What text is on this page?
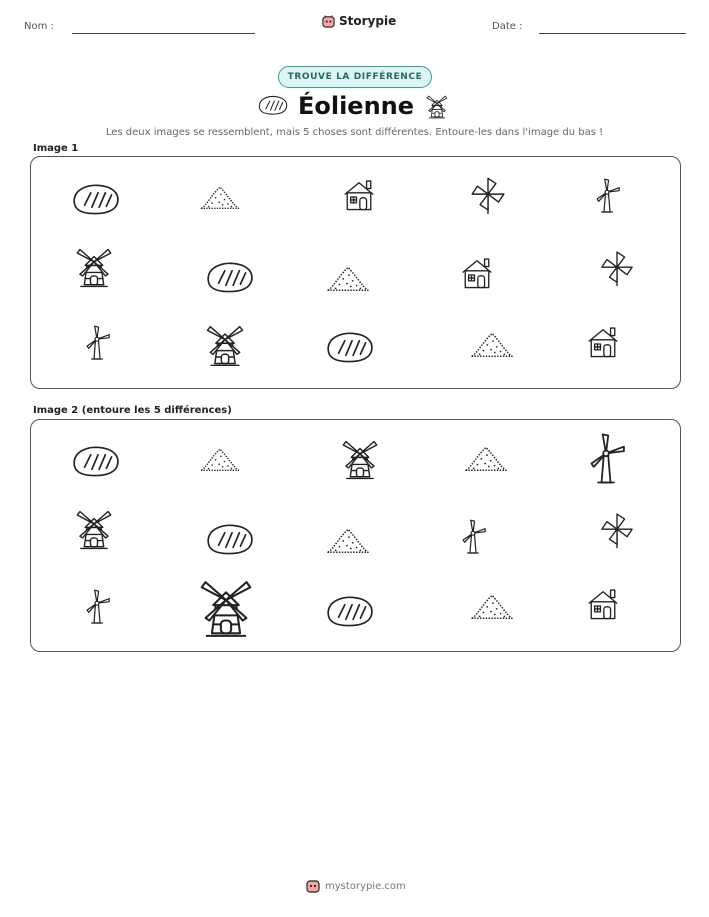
Nom :	Storypie	Date :
TROUVE LA DIFFÉRENCE
Éolienne
Les deux images se ressemblent, mais 5 choses sont différentes. Entoure-les dans l'image du bas !
Image 1
Image 2 (entoure les 5 différences)
mystorypie.com
